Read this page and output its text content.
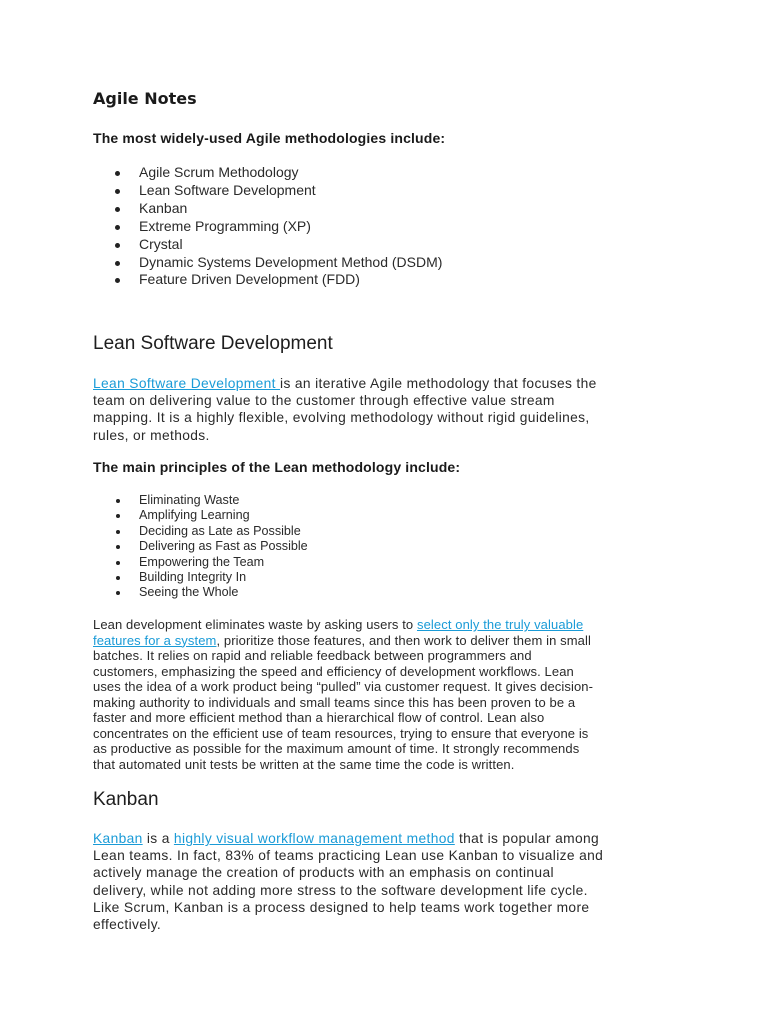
Agile Notes
The most widely-used Agile methodologies include:
Agile Scrum Methodology
Lean Software Development
Kanban
Extreme Programming (XP)
Crystal
Dynamic Systems Development Method (DSDM)
Feature Driven Development (FDD)
Lean Software Development

Lean Software Development is an iterative Agile methodology that focuses the
team on delivering value to the customer through effective value stream
mapping. It is a highly flexible, evolving methodology without rigid guidelines,
rules, or methods.

The main principles of the Lean methodology include:
Eliminating Waste
Amplifying Learning
Deciding as Late as Possible
Delivering as Fast as Possible
Empowering the Team
Building Integrity In
Seeing the Whole

Lean development eliminates waste by asking users to select only the truly valuable
features for a system, prioritize those features, and then work to deliver them in small
batches. It relies on rapid and reliable feedback between programmers and
customers, emphasizing the speed and efficiency of development workflows. Lean
uses the idea of a work product being “pulled” via customer request. It gives decision-
making authority to individuals and small teams since this has been proven to be a
faster and more efficient method than a hierarchical flow of control. Lean also
concentrates on the efficient use of team resources, trying to ensure that everyone is
as productive as possible for the maximum amount of time. It strongly recommends
that automated unit tests be written at the same time the code is written.

Kanban

Kanban is a highly visual workflow management method that is popular among
Lean teams. In fact, 83% of teams practicing Lean use Kanban to visualize and
actively manage the creation of products with an emphasis on continual
delivery, while not adding more stress to the software development life cycle.
Like Scrum, Kanban is a process designed to help teams work together more
effectively.
